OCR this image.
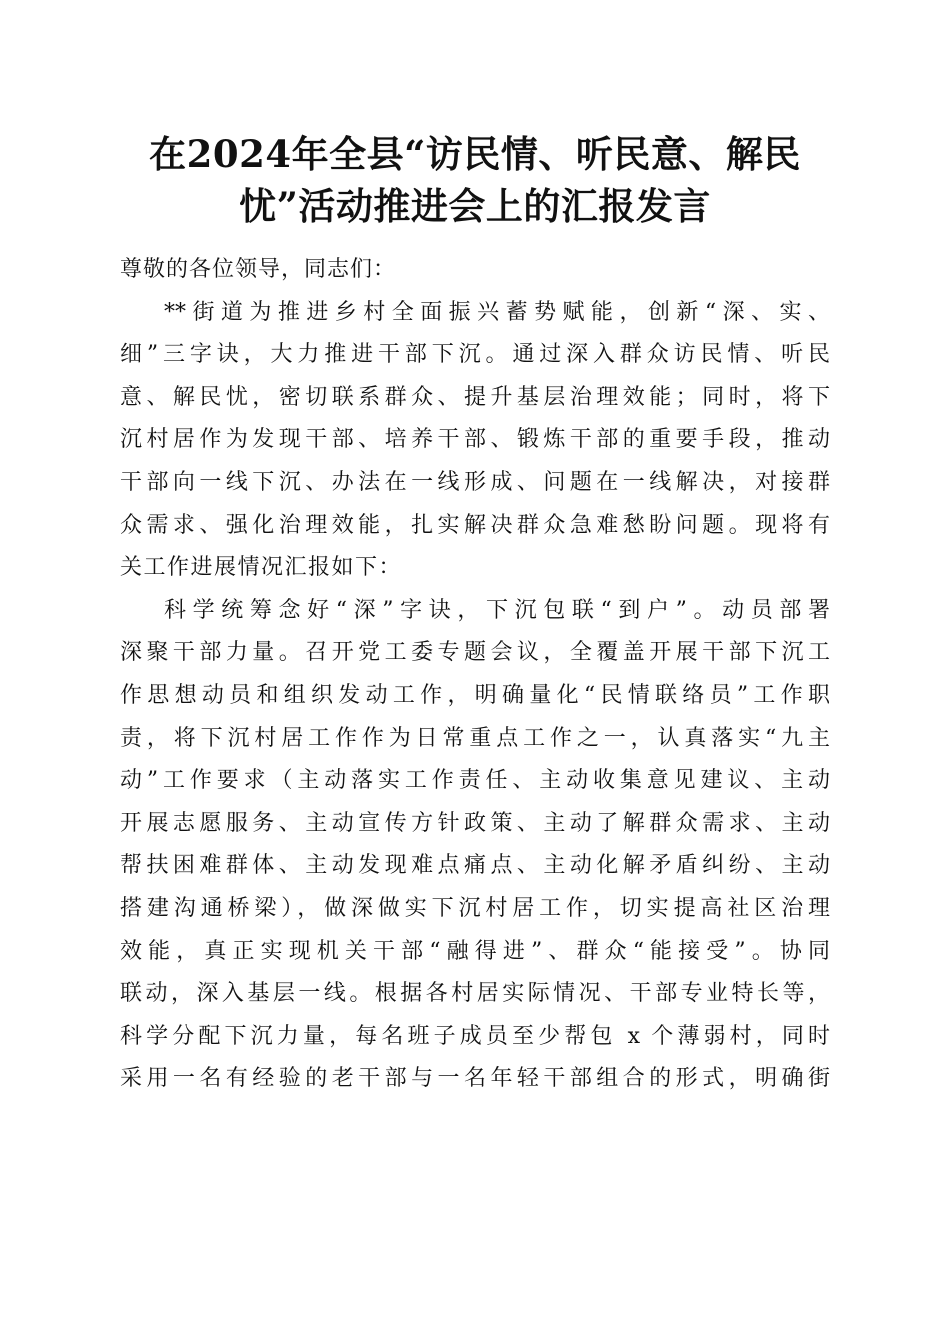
在2024年全县“访民情、听民意、解民
忧”活动推进会上的汇报发言

尊敬的各位领导，同志们：

**街道为推进乡村全面振兴蓄势赋能，创新“深、实、
细”三字诀，大力推进干部下沉。通过深入群众访民情、听民
意、解民忧，密切联系群众、提升基层治理效能；同时，将下
沉村居作为发现干部、培养干部、锻炼干部的重要手段，推动
干部向一线下沉、办法在一线形成、问题在一线解决，对接群
众需求、强化治理效能，扎实解决群众急难愁盼问题。现将有
关工作进展情况汇报如下：
科学统筹念好“深”字诀，下沉包联“到户”。动员部署
深聚干部力量。召开党工委专题会议，全覆盖开展干部下沉工
作思想动员和组织发动工作，明确量化“民情联络员”工作职
责，将下沉村居工作作为日常重点工作之一，认真落实“九主
动”工作要求（主动落实工作责任、主动收集意见建议、主动
开展志愿服务、主动宣传方针政策、主动了解群众需求、主动
帮扶困难群体、主动发现难点痛点、主动化解矛盾纠纷、主动
搭建沟通桥梁），做深做实下沉村居工作，切实提高社区治理
效能，真正实现机关干部“融得进”、群众“能接受”。协同
联动，深入基层一线。根据各村居实际情况、干部专业特长等，
科学分配下沉力量，每名班子成员至少帮包 x 个薄弱村，同时
采用一名有经验的老干部与一名年轻干部组合的形式，明确街
